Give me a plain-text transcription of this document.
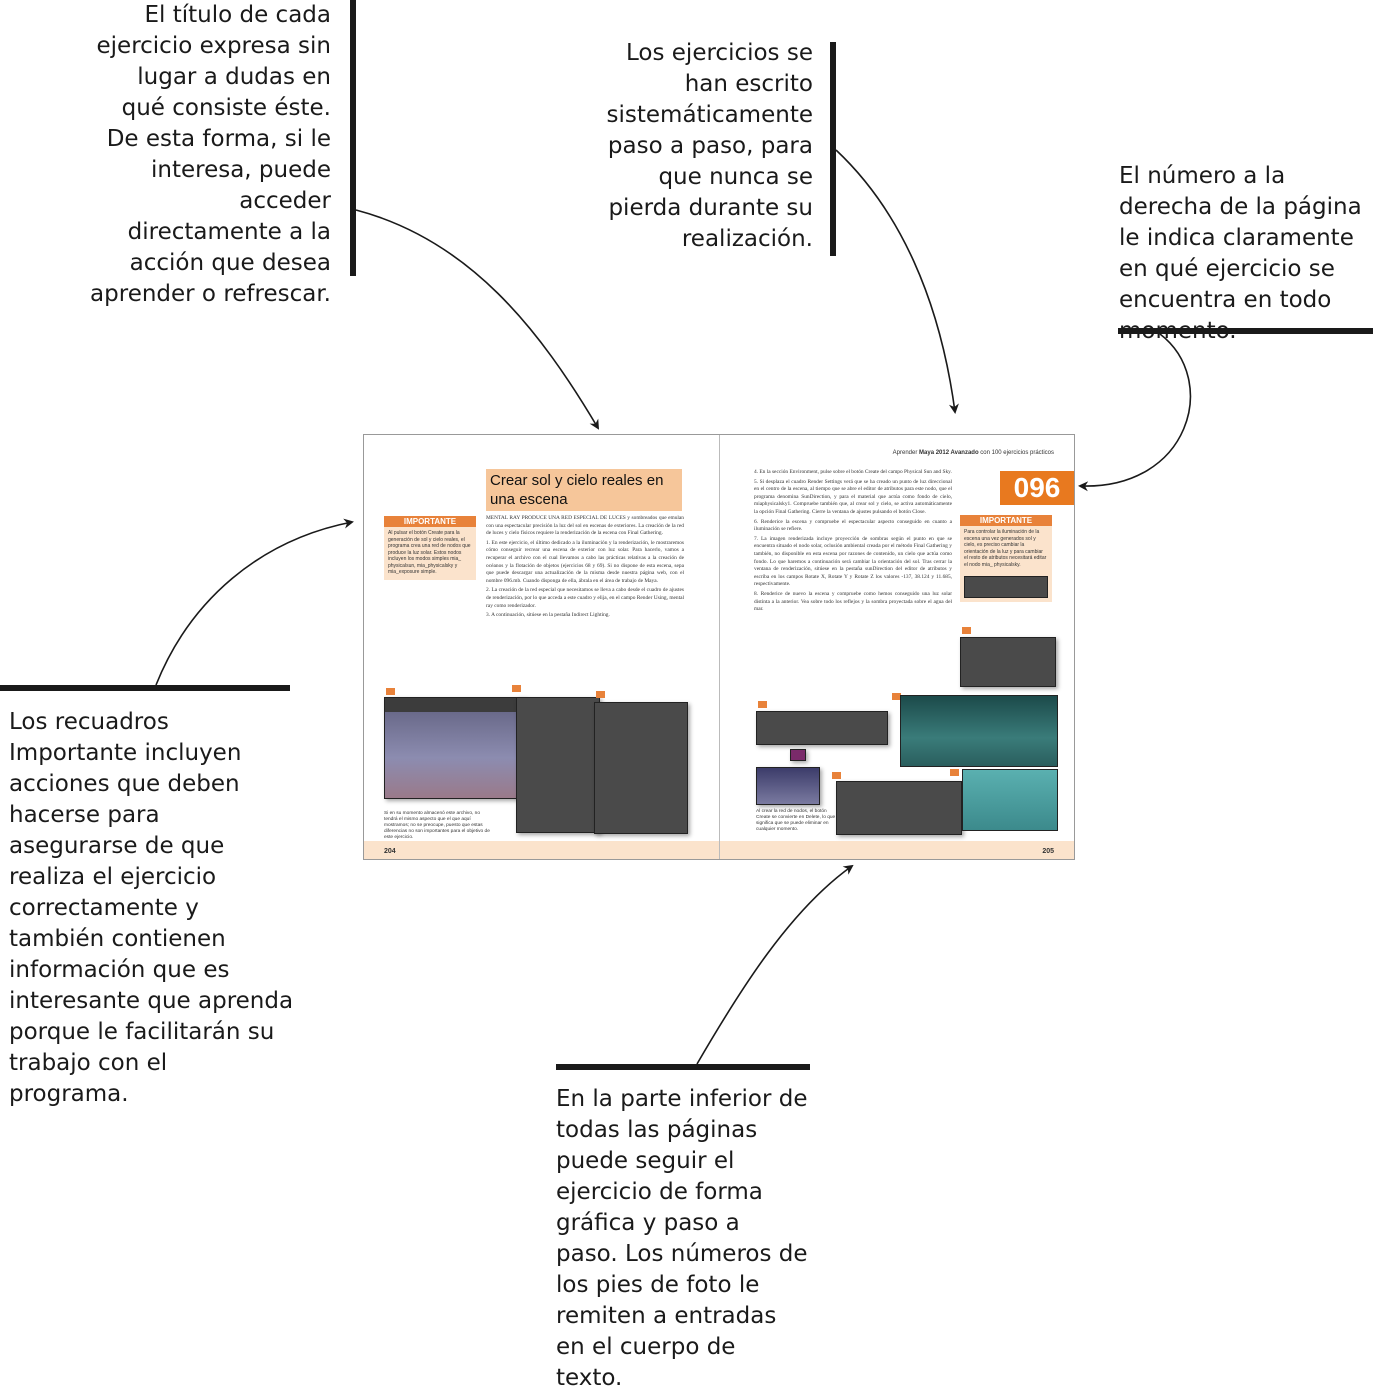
El título de cada ejercicio expresa sin lugar a dudas en qué consiste éste. De esta forma, si le interesa, puede acceder directamente a la acción que desea aprender o refrescar.

Los ejercicios se han escrito sistemáticamente paso a paso, para que nunca se pierda durante su realización.

El número a la derecha de la página le indica claramente en qué ejercicio se encuentra en todo

Los recuadros Importante incluyen acciones que deben hacerse para asegurarse de que realiza el ejercicio correctamente y también contienen información que es interesante que aprenda porque le facilitarán su trabajo con el programa.	En la parte inferior de todas las páginas puede seguir el ejercicio de forma gráfica y paso a paso. Los números de los pies de foto le remiten a entradas en el cuerpo de texto.

Crear sol y cielo reales en una escena
IMPORTANTE
Al pulsar el botón Create para la generación de sol y cielo reales, el programa crea una red de nodos que produce la luz solar. Estos nodos incluyen los modos simples mia_ physicalsun, mia_physicalsky y mia_exposure simple.

MENTAL RAY PRODUCE UNA RED ESPECIAL DE LUCES y sombreados que emulan con una espectacular precisión la luz del sol en escenas de exteriores. La creación de la red de luces y cielo físicos requiere la renderización de la escena con Final Gathering.

1. En este ejercicio, el último dedicado a la iluminación y la renderización, le mostraremos cómo conseguir recrear una escena de exterior con luz solar. Para hacerlo, vamos a recuperar el archivo con el cual llevamos a cabo las prácticas relativas a la creación de océanos y la flotación de objetos (ejercicios 68 y 69). Si no dispone de esta escena, sepa que puede descargar una actualización de la misma desde nuestra página web, con el nombre 096.mb. Cuando disponga de ella, ábrala en el área de trabajo de Maya.

2. La creación de la red especial que necesitamos se lleva a cabo desde el cuadro de ajustes de renderización, por lo que acceda a este cuadro y elija, en el campo Render Using, mental ray como renderizador.

3. A continuación, sitúese en la pestaña Indirect Lighting.

Si en su momento almacenó este archivo, no tendrá el mismo aspecto que el que aquí mostramos; no se preocupe, puesto que estas diferencias no son importantes para el objetivo de este ejercicio.
204
Aprender Maya 2012 Avanzado con 100 ejercicios prácticos
096

4. En la sección Environment, pulse sobre el botón Create del campo Physical Sun and Sky.

5. Si desplaza el cuadro Render Settings verá que se ha creado un punto de luz direccional en el centro de la escena, al tiempo que se abre el editor de atributos para este nodo, que el programa denomina SunDirection, y para el material que actúa como fondo de cielo, miaphysicalsky1. Compruebe también que, al crear sol y cielo, se activa automáticamente la opción Final Gathering. Cierre la ventana de ajustes pulsando el botón Close.

6. Renderice la escena y compruebe el espectacular aspecto conseguido en cuanto a iluminación se refiere.

7. La imagen renderizada incluye proyección de sombras según el punto en que se encuentra situado el nodo solar, oclusión ambiental creada por el método Final Gathering y también, no disponible en esta escena por razones de contenido, un cielo que actúa como fondo. Lo que haremos a continuación será cambiar la orientación del sol. Tras cerrar la ventana de renderización, sitúese en la pestaña sunDirection del editor de atributos y escriba en los campos Rotate X, Rotate Y y Rotate Z los valores -137, 38.124 y 11.685, respectivamente.

8. Renderice de nuevo la escena y compruebe como hemos conseguido una luz solar distinta a la anterior. Vea sobre todo los reflejos y la sombra proyectada sobre el agua del mar.

IMPORTANTE
Para controlar la iluminación de la escena una vez generados sol y cielo, es preciso cambiar la orientación de la luz y para cambiar el resto de atributos necesitará editar el nodo mia_ physicalsky.
Al crear la red de nodos, el botón Create se convierte en Delete, lo que significa que se puede eliminar en cualquier momento.
205
